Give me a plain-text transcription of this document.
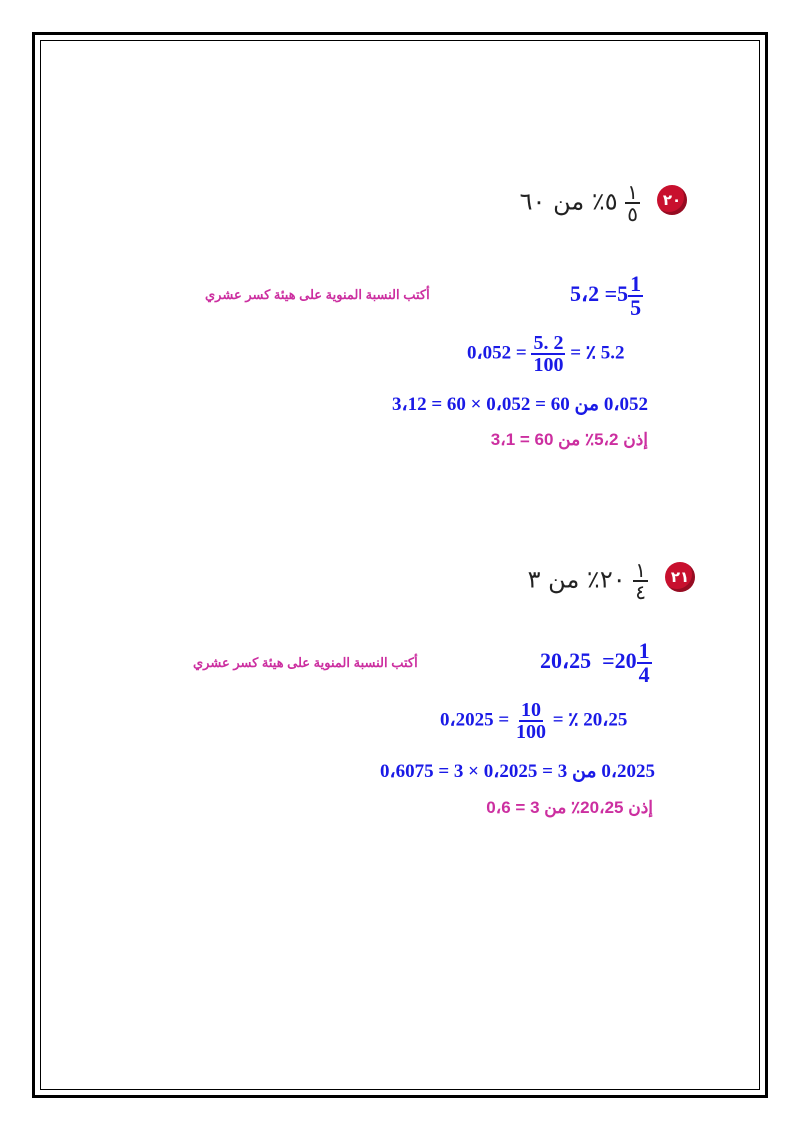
٢٠
$\frac{١}{٥}$
٥٪ من ٦٠
أكتب النسبة المنوية على هيئة كسر عشري	5،2 $=5 \frac{1}{5}$
0،052 = $\frac{5. 2}{100}$ = ٪ 5.2
0،052 من 60 = 0،052 × 60 = 3،12
إذن 5،2٪ من 60 = 3،1
٢١
$\frac{١}{٤}$
٢٠٪ من ٣
أكتب النسبة المنوية على هيئة كسر عشري	20،25  $=20 \frac{1}{4}$
0،2025 = $\frac{10}{100}$ = ٪ 20،25
0،2025 من 3 = 0،2025 × 3 = 0،6075
إذن 20،25٪ من 3 = 0،6
